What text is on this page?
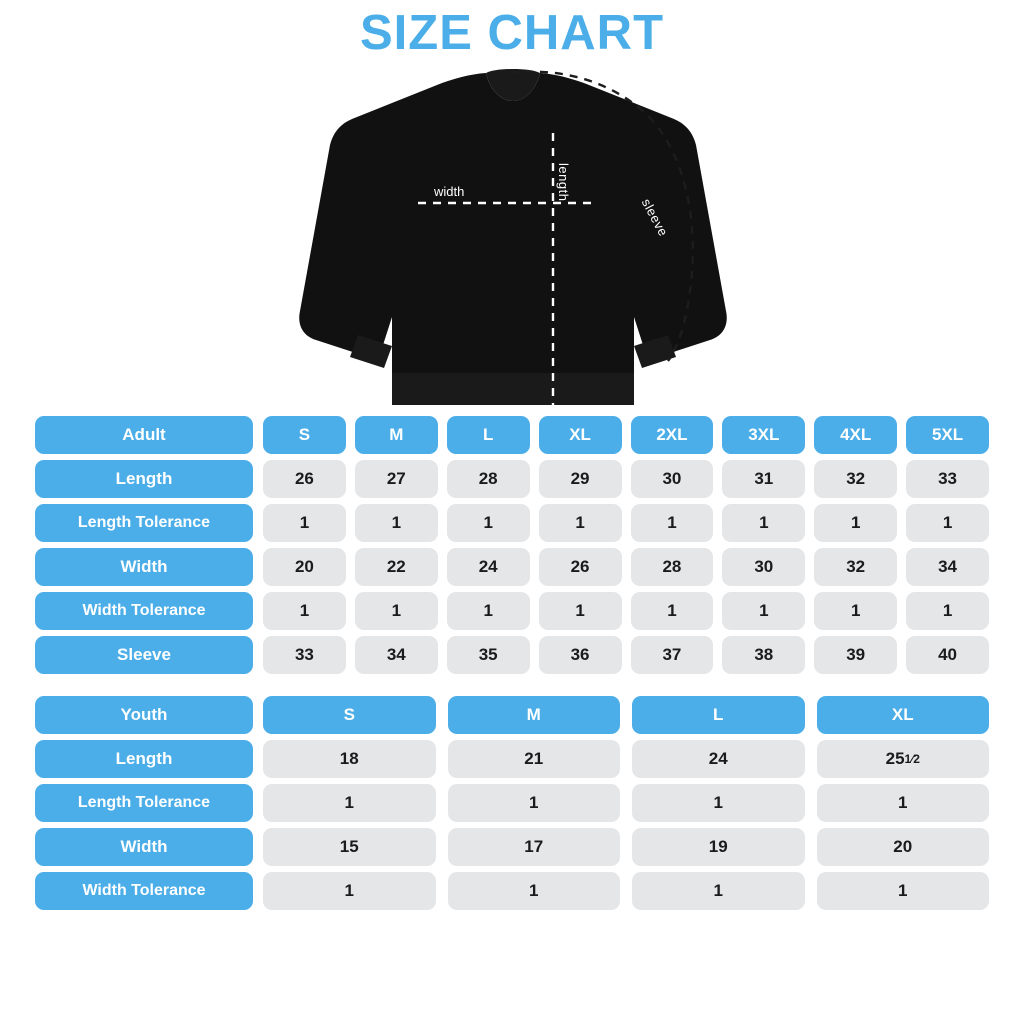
SIZE CHART
length
width
sleeve
Adult	S	M	L	XL	2XL	3XL	4XL	5XL
Length	26	27	28	29	30	31	32	33
Length Tolerance	1	1	1	1	1	1	1	1
Width	20	22	24	26	28	30	32	34
Width Tolerance	1	1	1	1	1	1	1	1
Sleeve	33	34	35	36	37	38	39	40
Youth	S	M	L	XL
Length	18	21	24	25 1⁄2
Length Tolerance	1	1	1	1
Width	15	17	19	20
Width Tolerance	1	1	1	1
